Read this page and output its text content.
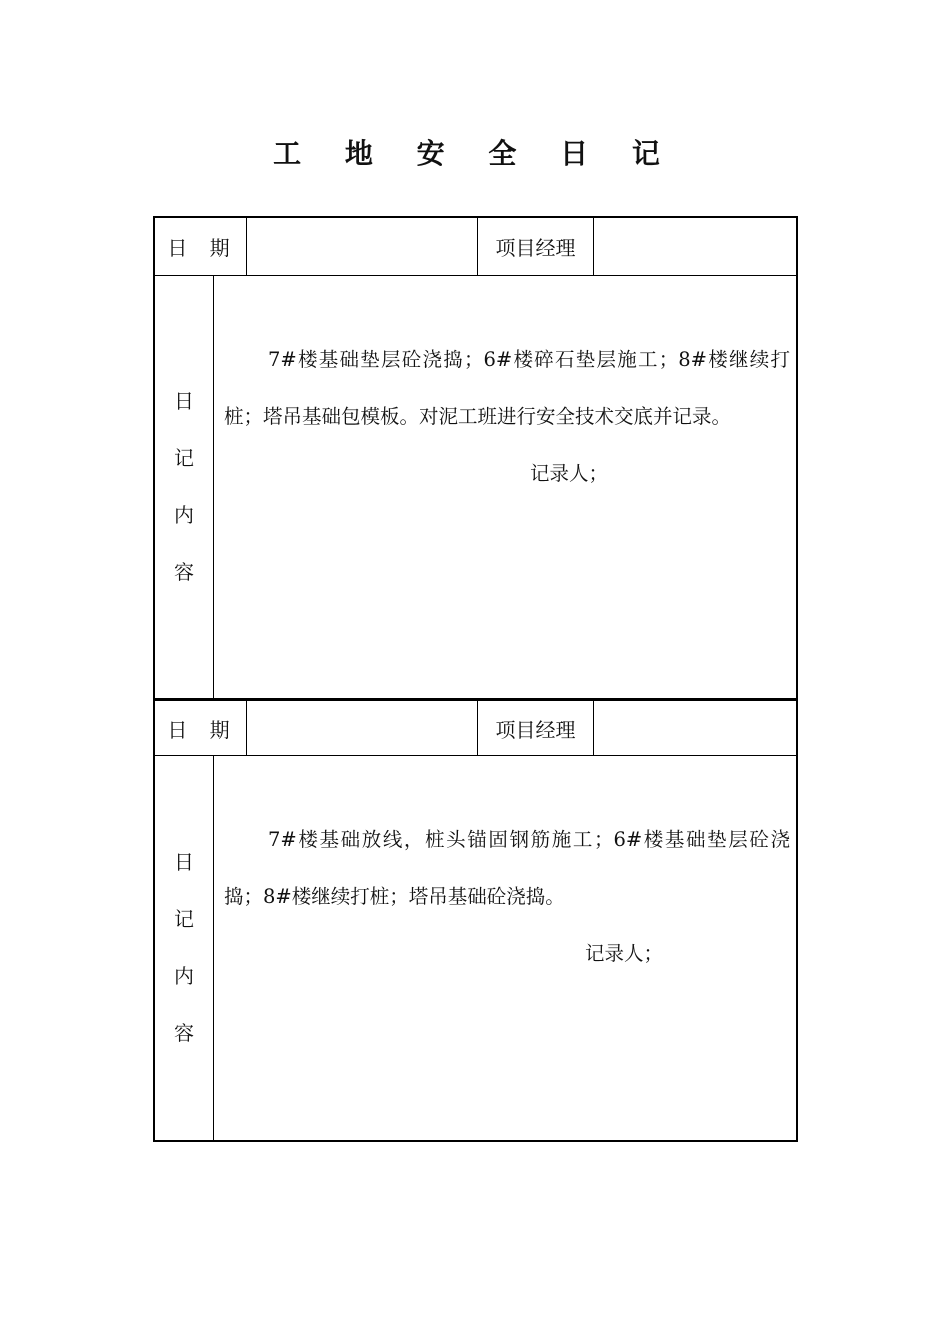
工 地 安 全 日 记
日 期	项目经理
日
记
内
容

7#楼基础垫层砼浇捣；6#楼碎石垫层施工；8#楼继续打桩；塔吊基础包模板。对泥工班进行安全技术交底并记录。

记录人；

日 期	项目经理
日
记
内
容

7#楼基础放线，桩头锚固钢筋施工；6#楼基础垫层砼浇捣；8#楼继续打桩；塔吊基础砼浇捣。

记录人；
